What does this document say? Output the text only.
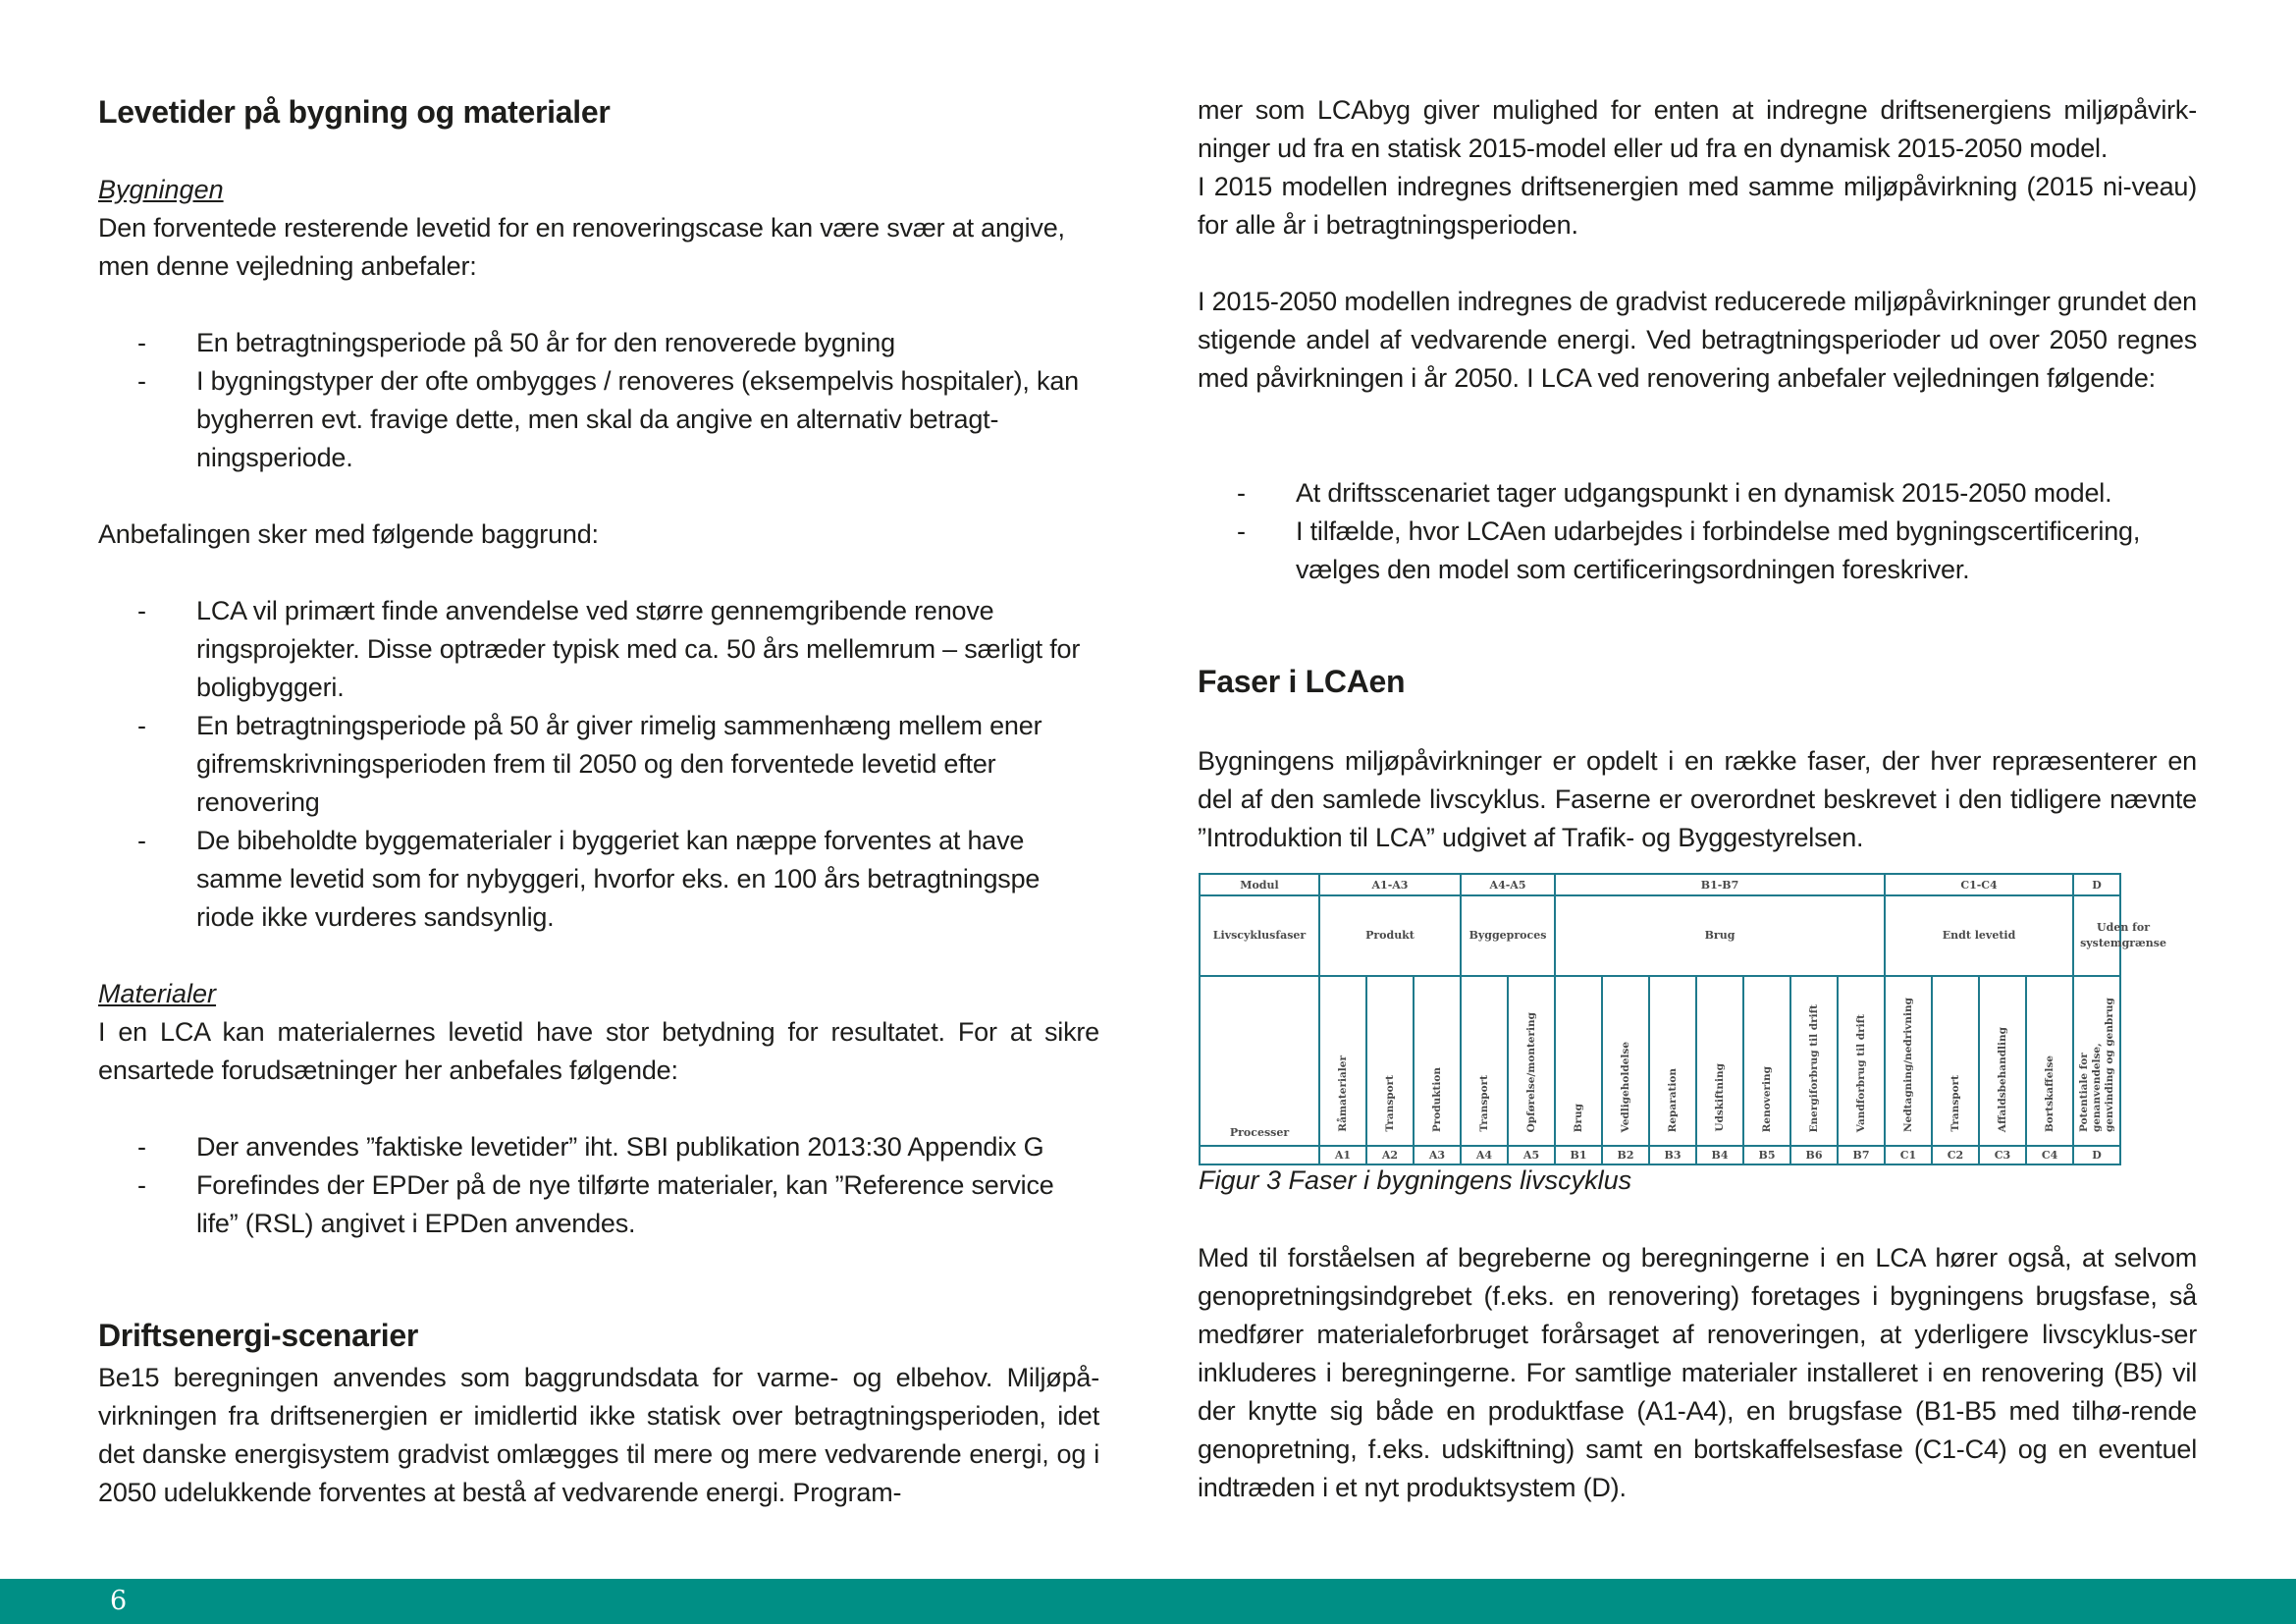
Levetider på bygning og materialer

Bygningen

Den forventede resterende levetid for en renoveringscase kan være svær at angive, men denne vejledning anbefaler:

- En betragtningsperiode på 50 år for den renoverede bygning
- I bygningstyper der ofte ombygges / renoveres (eksempelvis hospitaler), kan bygherren evt. fravige dette, men skal da angive en alternativ betragt-ningsperiode.

Anbefalingen sker med følgende baggrund:

- LCA vil primært finde anvendelse ved større gennemgribende renove ringsprojekter. Disse optræder typisk med ca. 50 års mellemrum – særligt for boligbyggeri.
- En betragtningsperiode på 50 år giver rimelig sammenhæng mellem ener gifremskrivningsperioden frem til 2050 og den forventede levetid efter renovering
- De bibeholdte byggematerialer i byggeriet kan næppe forventes at have samme levetid som for nybyggeri, hvorfor eks. en 100 års betragtningspe riode ikke vurderes sandsynlig.

Materialer

I en LCA kan materialernes levetid have stor betydning for resultatet. For at sikre ensartede forudsætninger her anbefales følgende:

- Der anvendes ”faktiske levetider” iht. SBI publikation 2013:30 Appendix G
- Forefindes der EPDer på de nye tilførte materialer, kan ”Reference service life” (RSL) angivet i EPDen anvendes.
Driftsenergi-scenarier

Be15 beregningen anvendes som baggrundsdata for varme- og elbehov. Miljøpå-virkningen fra driftsenergien er imidlertid ikke statisk over betragtningsperioden, idet det danske energisystem gradvist omlægges til mere og mere vedvarende energi, og i 2050 udelukkende forventes at bestå af vedvarende energi. Program-

mer som LCAbyg giver mulighed for enten at indregne driftsenergiens miljøpåvirk-ninger ud fra en statisk 2015-model eller ud fra en dynamisk 2015-2050 model.

I 2015 modellen indregnes driftsenergien med samme miljøpåvirkning (2015 ni-veau) for alle år i betragtningsperioden.

I 2015-2050 modellen indregnes de gradvist reducerede miljøpåvirkninger grundet den stigende andel af vedvarende energi. Ved betragtningsperioder ud over 2050 regnes med påvirkningen i år 2050. I LCA ved renovering anbefaler vejledningen følgende:

- At driftsscenariet tager udgangspunkt i en dynamisk 2015-2050 model.
- I tilfælde, hvor LCAen udarbejdes i forbindelse med bygningscertificering, vælges den model som certificeringsordningen foreskriver.
Faser i LCAen

Bygningens miljøpåvirkninger er opdelt i en række faser, der hver repræsenterer en del af den samlede livscyklus. Faserne er overordnet beskrevet i den tidligere nævnte ”Introduktion til LCA” udgivet af Trafik- og Byggestyrelsen.

Med til forståelsen af begreberne og beregningerne i en LCA hører også, at selvom genopretningsindgrebet (f.eks. en renovering) foretages i bygningens brugsfase, så medfører materialeforbruget forårsaget af renoveringen, at yderligere livscyklus-ser inkluderes i beregningerne. For samtlige materialer installeret i en renovering (B5) vil der knytte sig både en produktfase (A1-A4), en brugsfase (B1-B5 med tilhø-rende genopretning, f.eks. udskiftning) samt en bortskaffelsesfase (C1-C4) og en eventuel indtræden i et nyt produktsystem (D).

Modul	A1-A3			A4-A5		B1-B7							C1-C4				D
Livscyklusfaser	Produkt			Byggeproces		Brug							Endt levetid				Uden for systemgrænse

Processer	Råmaterialer	Transport	Produktion	Transport	Opførelse/montering	Brug	Vedligeholdelse	Reparation	Udskiftning	Renovering	Energiforbrug til drift	Vandforbrug til drift	Nedtagning/nedrivning	Transport	Affaldsbehandling	Bortskaffelse	Potentiale for genanvendelse, genvinding og genbrug
	A1	A2	A3	A4	A5	B1	B2	B3	B4	B5	B6	B7	C1	C2	C3	C4	D
Figur 3 Faser i bygningens livscyklus
6
